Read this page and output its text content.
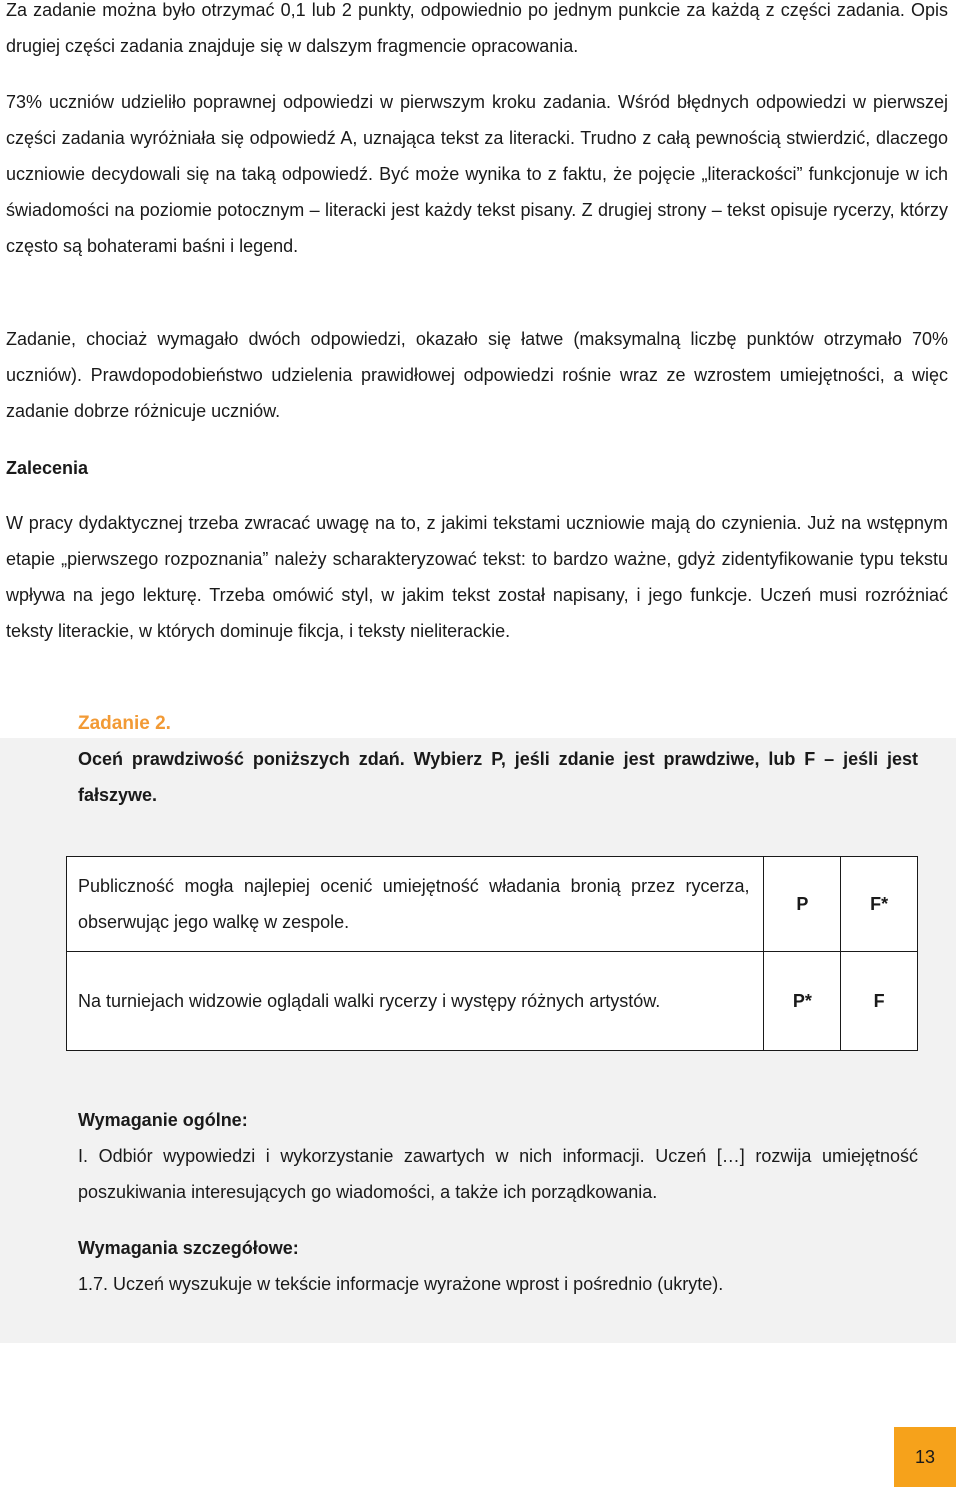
Za zadanie można było otrzymać 0,1 lub 2 punkty, odpowiednio po jednym punkcie za każdą z części zadania. Opis drugiej części zadania znajduje się w dalszym fragmencie opracowania.

73% uczniów udzieliło poprawnej odpowiedzi w pierwszym kroku zadania. Wśród błędnych odpowiedzi w pierwszej części zadania wyróżniała się odpowiedź A, uznająca tekst za literacki. Trudno z całą pewnością stwierdzić, dlaczego uczniowie decydowali się na taką odpowiedź. Być może wynika to z faktu, że pojęcie „literackości” funkcjonuje w ich świadomości na poziomie potocznym – literacki jest każdy tekst pisany. Z drugiej strony – tekst opisuje rycerzy, którzy często są bohaterami baśni i legend.

Zadanie, chociaż wymagało dwóch odpowiedzi, okazało się łatwe (maksymalną liczbę punktów otrzymało 70% uczniów). Prawdopodobieństwo udzielenia prawidłowej odpowiedzi rośnie wraz ze wzrostem umiejętności, a więc zadanie dobrze różnicuje uczniów.

Zalecenia

W pracy dydaktycznej trzeba zwracać uwagę na to, z jakimi tekstami uczniowie mają do czynienia. Już na wstępnym etapie „pierwszego rozpoznania” należy scharakteryzować tekst: to bardzo ważne, gdyż zidentyfikowanie typu tekstu wpływa na jego lekturę. Trzeba omówić styl, w jakim tekst został napisany, i jego funkcje. Uczeń musi rozróżniać teksty literackie, w których dominuje fikcja, i teksty nieliterackie.

Zadanie 2.

Oceń prawdziwość poniższych zdań. Wybierz P, jeśli zdanie jest prawdziwe, lub F – jeśli jest fałszywe.

Publiczność mogła najlepiej ocenić umiejętność władania bronią przez rycerza, obserwując jego walkę w zespole.	P	F*
Na turniejach widzowie oglądali walki rycerzy i występy różnych artystów.	P*	F

Wymaganie ogólne:

I. Odbiór wypowiedzi i wykorzystanie zawartych w nich informacji. Uczeń […] rozwija umiejętność poszukiwania interesujących go wiadomości, a także ich porządkowania.

Wymagania szczegółowe:

1.7. Uczeń wyszukuje w tekście informacje wyrażone wprost i pośrednio (ukryte).

13
